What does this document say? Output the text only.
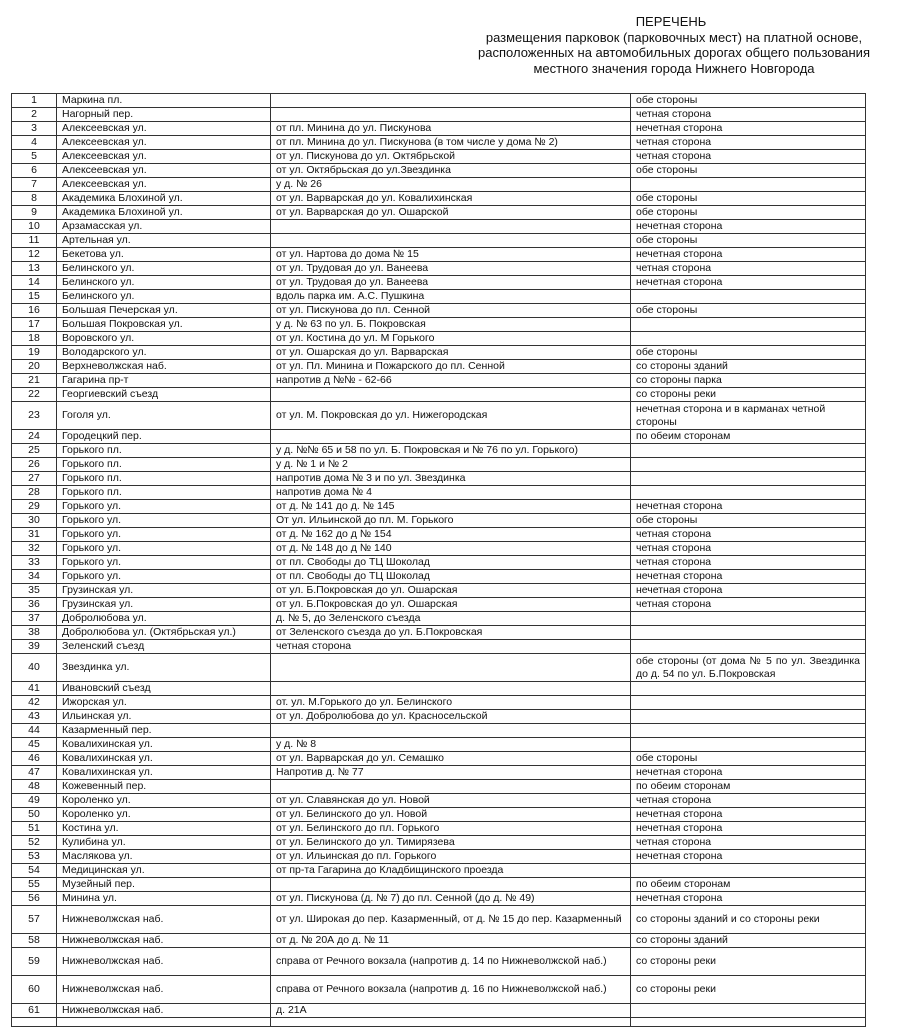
ПЕРЕЧЕНЬ
размещения парковок (парковочных мест) на платной основе,
расположенных на автомобильных дорогах общего пользования
местного значения города Нижнего Новгорода
1	Маркина пл.		обе стороны
2	Нагорный пер.		четная сторона
3	Алексеевская ул.	от пл. Минина до ул. Пискунова	нечетная сторона
4	Алексеевская ул.	от пл. Минина до ул. Пискунова (в том числе у дома № 2)	четная сторона
5	Алексеевская ул.	от ул. Пискунова до ул. Октябрьской	четная сторона
6	Алексеевская ул.	от ул. Октябрьская до ул.Звездинка	обе стороны
7	Алексеевская ул.	у д. № 26	
8	Академика Блохиной ул.	от ул. Варварская до ул. Ковалихинская	обе стороны
9	Академика Блохиной ул.	от ул. Варварская до ул. Ошарской	обе стороны
10	Арзамасская ул.		нечетная сторона
11	Артельная ул.		обе стороны
12	Бекетова ул.	от ул. Нартова до дома № 15	нечетная сторона
13	Белинского ул.	от ул. Трудовая до ул. Ванеева	четная сторона
14	Белинского ул.	от ул. Трудовая до ул. Ванеева	нечетная сторона
15	Белинского ул.	вдоль парка им. А.С. Пушкина	
16	Большая Печерская ул.	от ул. Пискунова до пл. Сенной	обе стороны
17	Большая Покровская ул.	у д. № 63 по ул. Б. Покровская	
18	Воровского ул.	от ул. Костина до ул. М Горького	
19	Володарского ул.	от ул. Ошарская до ул. Варварская	обе стороны
20	Верхневолжская наб.	от ул. Пл. Минина и Пожарского до пл. Сенной	со стороны зданий
21	Гагарина пр-т	напротив д №№ - 62-66	со стороны парка
22	Георгиевский съезд		со стороны реки
23	Гоголя ул.	от ул. М. Покровская до ул. Нижегородская	нечетная сторона и в карманах четной стороны
24	Городецкий пер.		по обеим сторонам
25	Горького пл.	у д. №№ 65 и 58 по ул. Б. Покровская и № 76 по ул. Горького)	
26	Горького пл.	у д. № 1 и № 2	
27	Горького пл.	напротив дома № 3 и по ул. Звездинка	
28	Горького пл.	напротив дома № 4	
29	Горького ул.	от д. № 141 до д. № 145	нечетная сторона
30	Горького ул.	От ул. Ильинской до пл. М. Горького	обе стороны
31	Горького ул.	от д. № 162 до д № 154	четная сторона
32	Горького ул.	от д. № 148 до д № 140	четная сторона
33	Горького ул.	от пл. Свободы до ТЦ Шоколад	четная сторона
34	Горького ул.	от пл. Свободы до ТЦ Шоколад	нечетная сторона
35	Грузинская ул.	от ул. Б.Покровская до ул. Ошарская	нечетная сторона
36	Грузинская ул.	от ул. Б.Покровская до ул. Ошарская	четная сторона
37	Добролюбова ул.	д. № 5, до Зеленского съезда	
38	Добролюбова ул. (Октябрьская ул.)	от Зеленского съезда до ул. Б.Покровская	
39	Зеленский съезд	четная сторона	
40	Звездинка ул.		обе стороны (от дома № 5 по ул. Звездинка до д. 54 по ул. Б.Покровская
41	Ивановский съезд		
42	Ижорская ул.	от. ул. М.Горького до ул. Белинского	
43	Ильинская ул.	от ул. Добролюбова до ул. Красносельской	
44	Казарменный пер.		
45	Ковалихинская ул.	у д. № 8	
46	Ковалихинская ул.	от ул. Варварская до ул. Семашко	обе стороны
47	Ковалихинская ул.	Напротив д. № 77	нечетная сторона
48	Кожевенный пер.		по обеим сторонам
49	Короленко ул.	от ул. Славянская до ул. Новой	четная сторона
50	Короленко ул.	от ул. Белинского до ул. Новой	нечетная сторона
51	Костина ул.	от ул. Белинского до пл. Горького	нечетная сторона
52	Кулибина ул.	от ул. Белинского до ул. Тимирязева	четная сторона
53	Маслякова ул.	от ул. Ильинская до пл. Горького	нечетная сторона
54	Медицинская ул.	от пр-та Гагарина до Кладбищинского проезда	
55	Музейный пер.		по обеим сторонам
56	Минина ул.	от ул. Пискунова (д. № 7) до пл. Сенной (до д. № 49)	нечетная сторона
57	Нижневолжская наб.	от ул. Широкая до пер. Казарменный, от д. № 15 до пер. Казарменный	со стороны зданий и со стороны реки
58	Нижневолжская наб.	от д. № 20А до д. № 11	со стороны зданий
59	Нижневолжская наб.	справа от Речного вокзала (напротив д. 14 по Нижневолжской наб.)	со стороны реки
60	Нижневолжская наб.	справа от Речного вокзала (напротив д. 16 по Нижневолжской наб.)	со стороны реки
61	Нижневолжская наб.	д. 21А	
